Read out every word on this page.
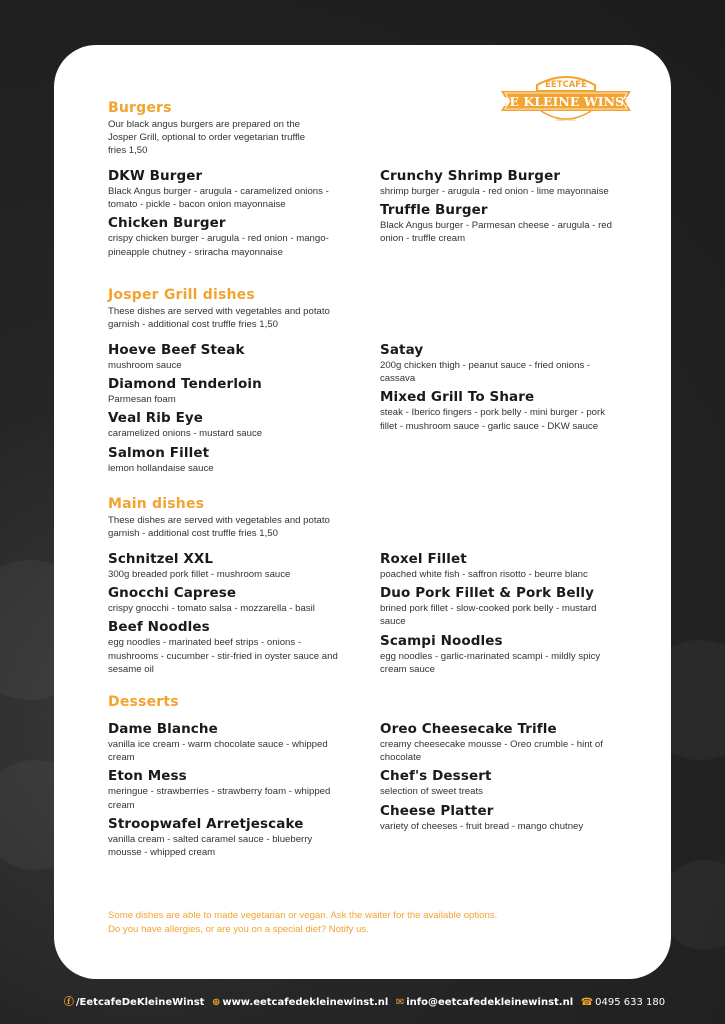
EETCAFÉ
DE KLEINE WINST
SINDS 2007
Burgers
Our black angus burgers are prepared on the Josper Grill, optional to order vegetarian truffle fries 1,50
DKW Burger
Black Angus burger - arugula - caramelized onions - tomato - pickle - bacon onion mayonnaise
Chicken Burger
crispy chicken burger - arugula - red onion - mango-pineapple chutney - sriracha mayonnaise
Crunchy Shrimp Burger
shrimp burger - arugula - red onion - lime mayonnaise
Truffle Burger
Black Angus burger - Parmesan cheese - arugula - red onion - truffle cream
Josper Grill dishes
These dishes are served with vegetables and potato garnish - additional cost truffle fries 1,50
Hoeve Beef Steak
mushroom sauce
Diamond Tenderloin
Parmesan foam
Veal Rib Eye
caramelized onions - mustard sauce
Salmon Fillet
lemon hollandaise sauce
Satay
200g chicken thigh - peanut sauce - fried onions - cassava
Mixed Grill To Share
steak - Iberico fingers - pork belly - mini burger - pork fillet - mushroom sauce - garlic sauce - DKW sauce
Main dishes
These dishes are served with vegetables and potato garnish - additional cost truffle fries 1,50
Schnitzel XXL
300g breaded pork fillet - mushroom sauce
Gnocchi Caprese
crispy gnocchi - tomato salsa - mozzarella - basil
Beef Noodles
egg noodles - marinated beef strips - onions - mushrooms - cucumber - stir-fried in oyster sauce and sesame oil
Roxel Fillet
poached white fish - saffron risotto - beurre blanc
Duo Pork Fillet & Pork Belly
brined pork fillet - slow-cooked pork belly - mustard sauce
Scampi Noodles
egg noodles - garlic-marinated scampi - mildly spicy cream sauce
Desserts
Dame Blanche
vanilla ice cream - warm chocolate sauce - whipped cream
Eton Mess
meringue - strawberries - strawberry foam - whipped cream
Stroopwafel Arretjescake
vanilla cream - salted caramel sauce - blueberry mousse - whipped cream
Oreo Cheesecake Trifle
creamy cheesecake mousse - Oreo crumble - hint of chocolate
Chef's Dessert
selection of sweet treats
Cheese Platter
variety of cheeses - fruit bread - mango chutney
Some dishes are able to made vegetarian or vegan. Ask the waiter for the available options.
Do you have allergies, or are you on a special diet? Notify us.
ⓕ /EetcafeDeKleineWinst ⊕ www.eetcafedekleinewinst.nl ✉ info@eetcafedekleinewinst.nl ☎ 0495 633 180
